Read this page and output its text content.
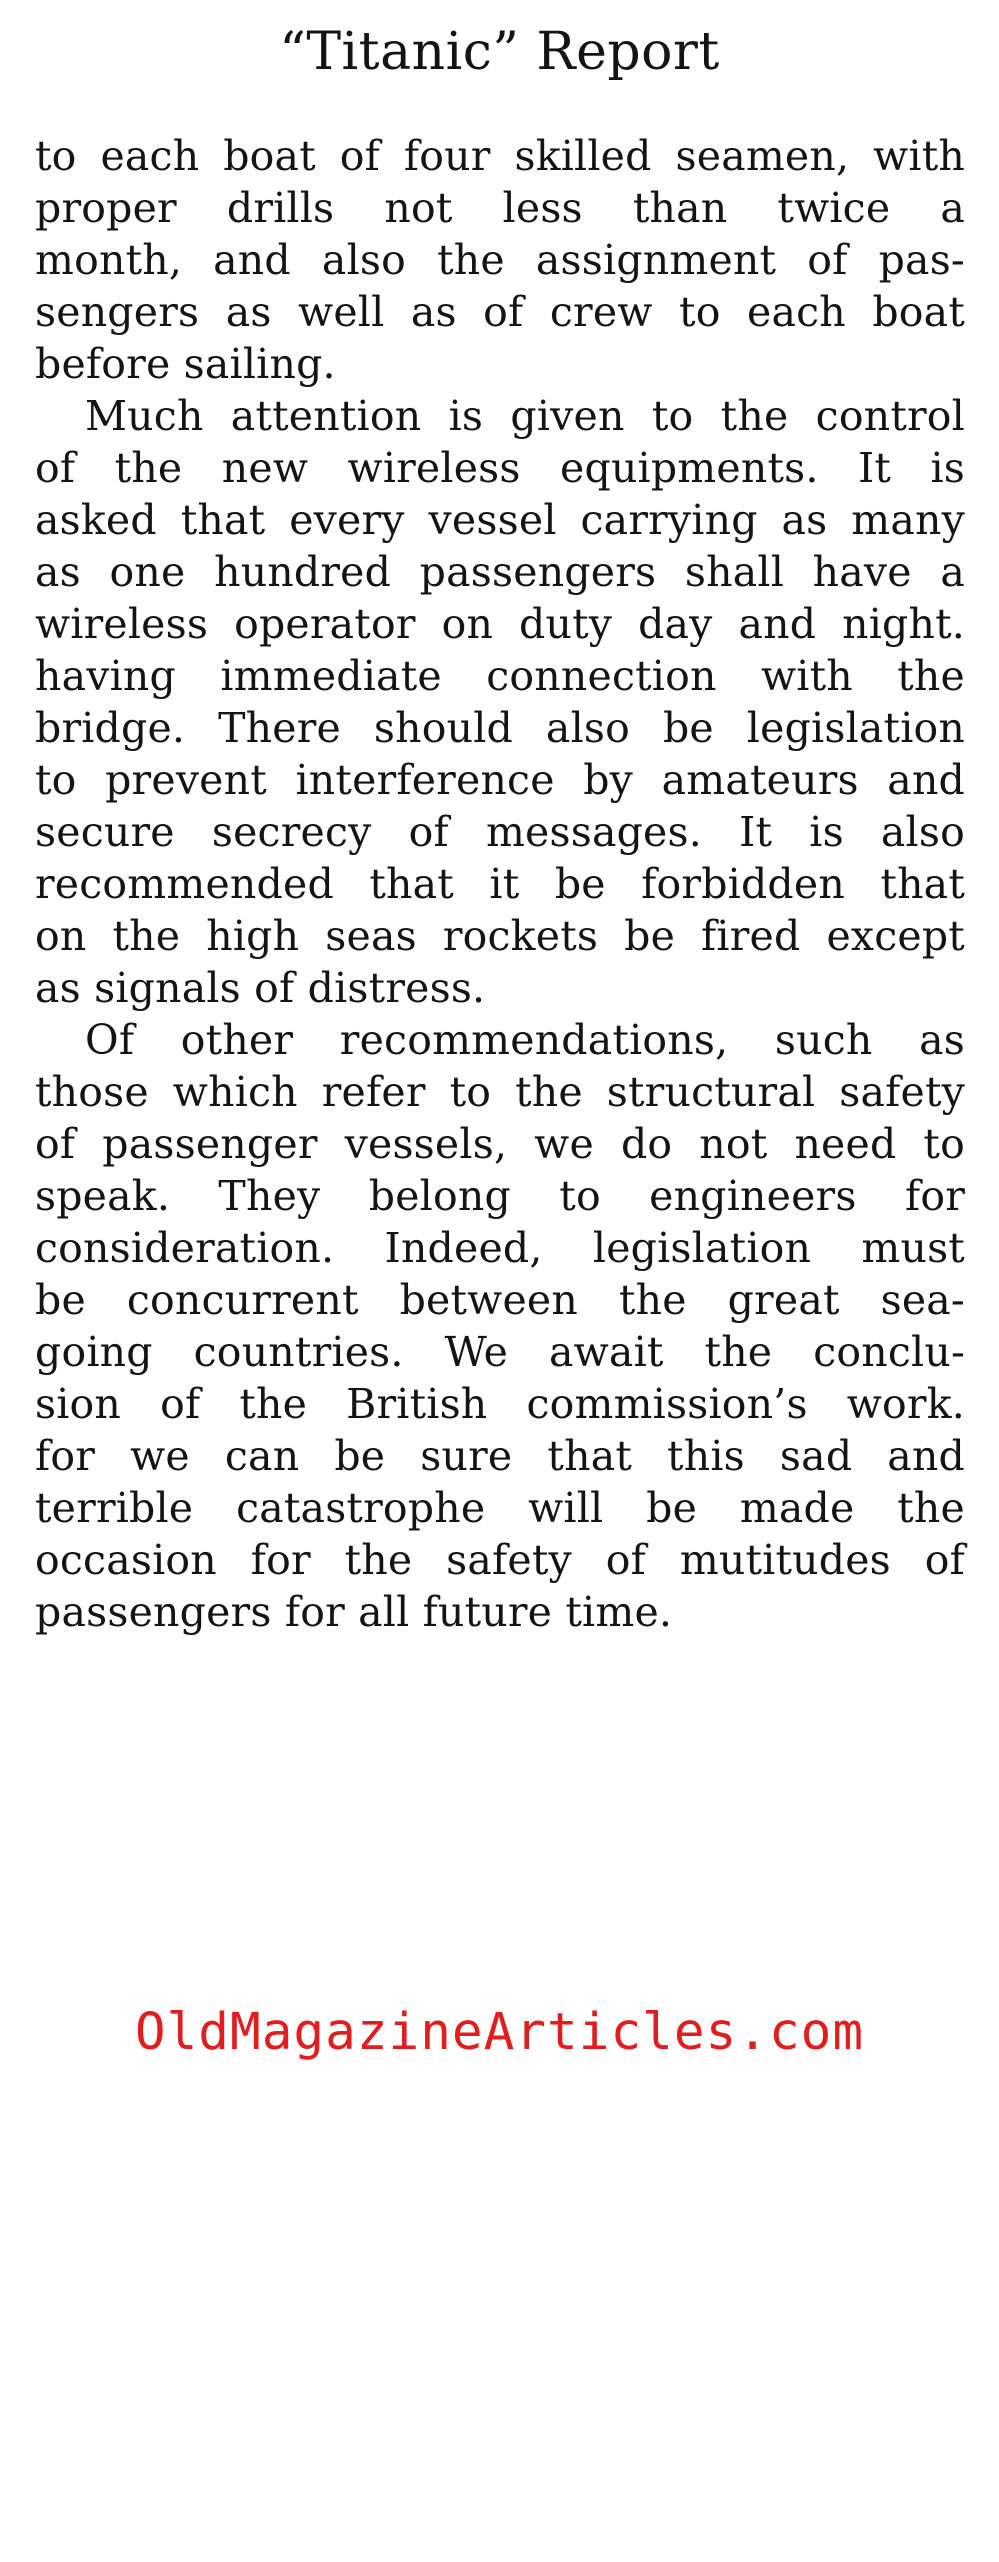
“Titanic” Report
to each boat of four skilled seamen, with
proper drills not less than twice a
month, and also the assignment of pas-
sengers as well as of crew to each boat
before sailing.
Much attention is given to the control
of the new wireless equipments. It is
asked that every vessel carrying as many
as one hundred passengers shall have a
wireless operator on duty day and night.
having immediate connection with the
bridge. There should also be legislation
to prevent interference by amateurs and
secure secrecy of messages. It is also
recommended that it be forbidden that
on the high seas rockets be fired except
as signals of distress.
Of other recommendations, such as
those which refer to the structural safety
of passenger vessels, we do not need to
speak. They belong to engineers for
consideration. Indeed, legislation must
be concurrent between the great sea-
going countries. We await the conclu-
sion of the British commission’s work.
for we can be sure that this sad and
terrible catastrophe will be made the
occasion for the safety of mutitudes of
passengers for all future time.
OldMagazineArticles.com
